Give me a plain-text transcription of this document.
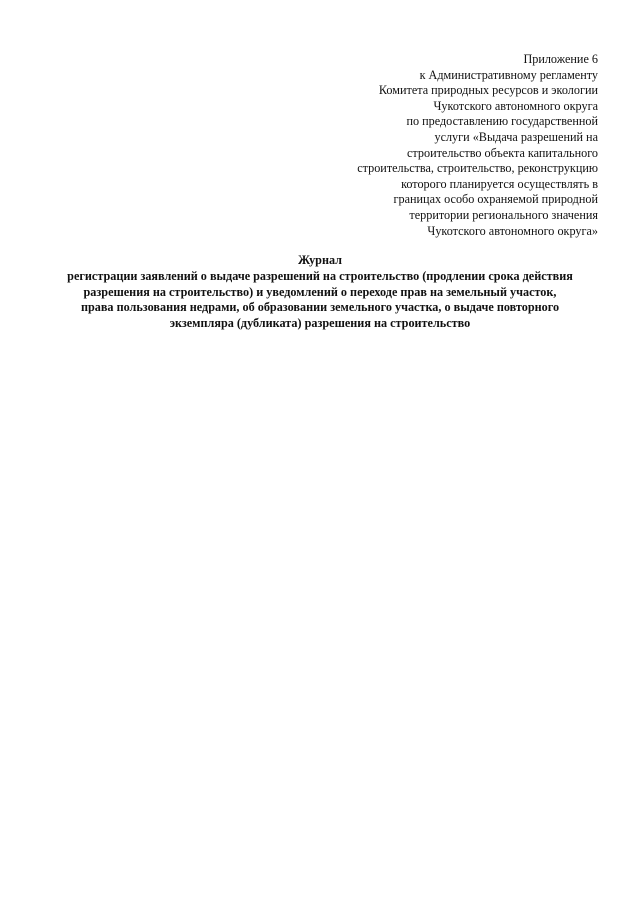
Приложение 6
к Административному регламенту
Комитета природных ресурсов и экологии
Чукотского автономного округа
по предоставлению государственной
услуги «Выдача разрешений на
строительство объекта капитального
строительства, строительство, реконструкцию
которого планируется осуществлять в
границах особо охраняемой природной
территории регионального значения
Чукотского автономного округа»
Журнал
регистрации заявлений о выдаче разрешений на строительство (продлении срока действия
разрешения на строительство) и уведомлений о переходе прав на земельный участок,
права пользования недрами, об образовании земельного участка, о выдаче повторного
экземпляра (дубликата) разрешения на строительство
